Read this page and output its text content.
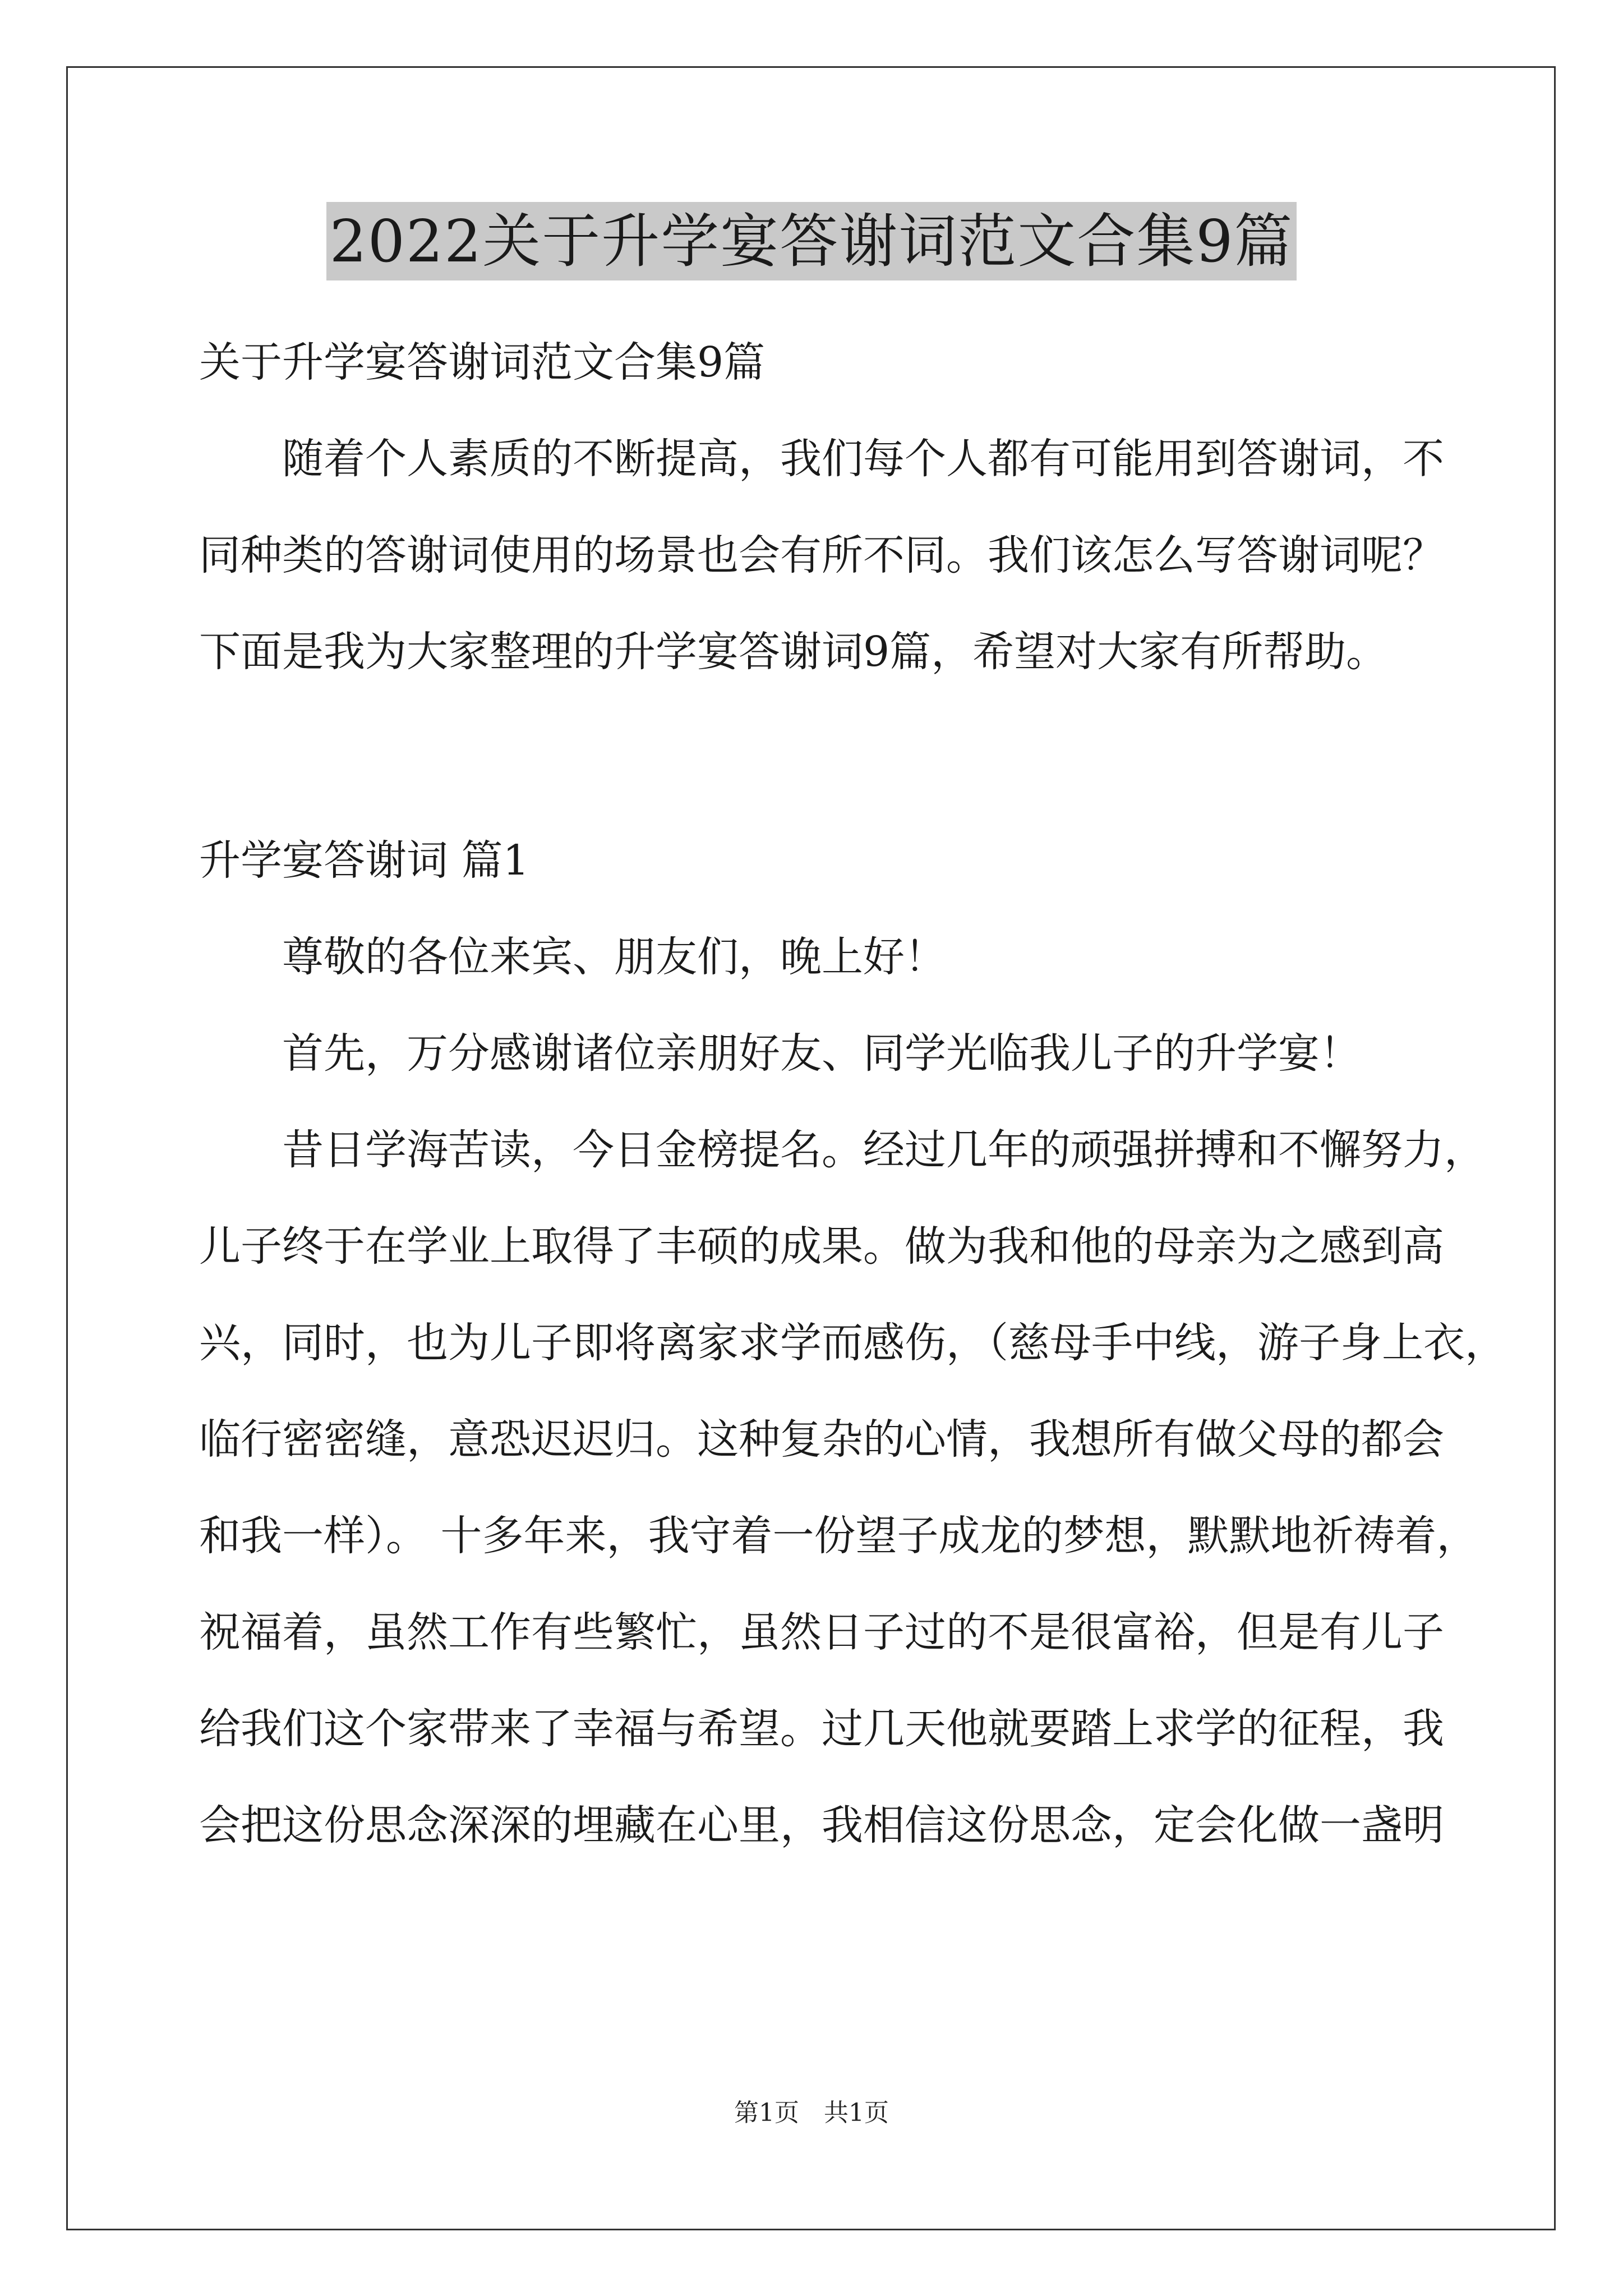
2022关于升学宴答谢词范文合集9篇
关于升学宴答谢词范文合集9篇
随着个人素质的不断提高，我们每个人都有可能用到答谢词，不
同种类的答谢词使用的场景也会有所不同。我们该怎么写答谢词呢？
下面是我为大家整理的升学宴答谢词9篇，希望对大家有所帮助。
升学宴答谢词 篇1
尊敬的各位来宾、朋友们，晚上好！
首先，万分感谢诸位亲朋好友、同学光临我儿子的升学宴！
昔日学海苦读，今日金榜提名。经过几年的顽强拼搏和不懈努力，
儿子终于在学业上取得了丰硕的成果。做为我和他的母亲为之感到高
兴，同时，也为儿子即将离家求学而感伤，（慈母手中线，游子身上衣，
临行密密缝，意恐迟迟归。这种复杂的心情，我想所有做父母的都会
和我一样）。 十多年来，我守着一份望子成龙的梦想，默默地祈祷着，
祝福着，虽然工作有些繁忙，虽然日子过的不是很富裕，但是有儿子
给我们这个家带来了幸福与希望。过几天他就要踏上求学的征程，我
会把这份思念深深的埋藏在心里，我相信这份思念，定会化做一盏明
第1页　共1页
